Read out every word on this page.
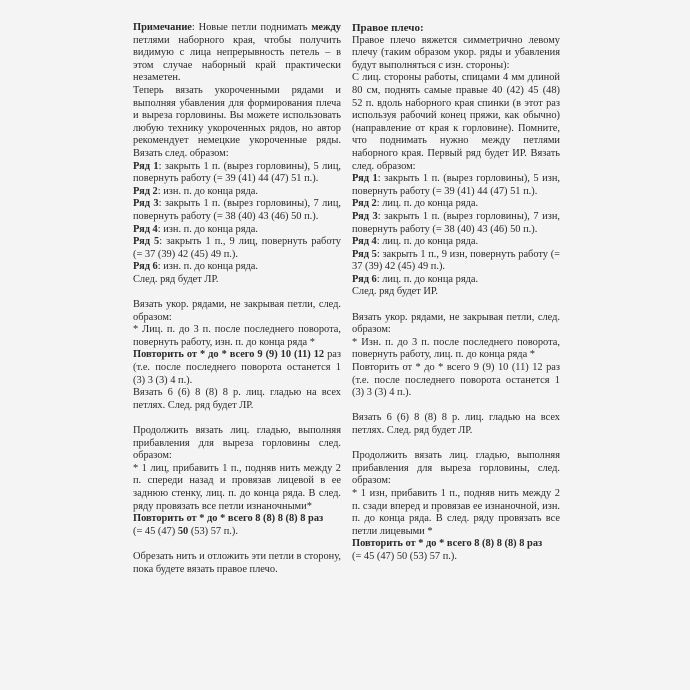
Примечание: Новые петли поднимать между петлями наборного края, чтобы получить видимую с лица непрерывность петель – в этом случае наборный край практически незаметен.

Теперь вязать укороченными рядами и выполняя убавления для формирования плеча и выреза горловины. Вы можете использовать любую технику укороченных рядов, но автор рекомендует немецкие укороченные ряды. Вязать след. образом:

Ряд 1: закрыть 1 п. (вырез горловины), 5 лиц, повернуть работу (= 39 (41) 44 (47) 51 п.).

Ряд 2: изн. п. до конца ряда.

Ряд 3: закрыть 1 п. (вырез горловины), 7 лиц, повернуть работу (= 38 (40) 43 (46) 50 п.).

Ряд 4: изн. п. до конца ряда.

Ряд 5: закрыть 1 п., 9 лиц, повернуть работу (= 37 (39) 42 (45) 49 п.).

Ряд 6: изн. п. до конца ряда.

След. ряд будет ЛР.

Вязать укор. рядами, не закрывая петли, след. образом:

* Лиц. п. до 3 п. после последнего поворота, повернуть работу, изн. п. до конца ряда *

Повторить от * до * всего 9 (9) 10 (11) 12 раз (т.е. после последнего поворота останется 1 (3) 3 (3) 4 п.).

Вязать 6 (6) 8 (8) 8 р. лиц. гладью на всех петлях. След. ряд будет ЛР.

Продолжить вязать лиц. гладью, выполняя прибавления для выреза горловины след. образом:

* 1 лиц, прибавить 1 п., подняв нить между 2 п. спереди назад и провязав лицевой в ее заднюю стенку, лиц. п. до конца ряда. В след. ряду провязать все петли изнаночными*

Повторить от * до * всего 8 (8) 8 (8) 8 раз

(= 45 (47) 50 (53) 57 п.).

Обрезать нить и отложить эти петли в сторону, пока будете вязать правое плечо.

Правое плечо:

Правое плечо вяжется симметрично левому плечу (таким образом укор. ряды и убавления будут выполняться с изн. стороны):

С лиц. стороны работы, спицами 4 мм длиной 80 см, поднять самые правые 40 (42) 45 (48) 52 п. вдоль наборного края спинки (в этот раз используя рабочий конец пряжи, как обычно) (направление от края к горловине). Помните, что поднимать нужно между петлями наборного края. Первый ряд будет ИР. Вязать след. образом:

Ряд 1: закрыть 1 п. (вырез горловины), 5 изн, повернуть работу (= 39 (41) 44 (47) 51 п.).

Ряд 2: лиц. п. до конца ряда.

Ряд 3: закрыть 1 п. (вырез горловины), 7 изн, повернуть работу (= 38 (40) 43 (46) 50 п.).

Ряд 4: лиц. п. до конца ряда.

Ряд 5: закрыть 1 п., 9 изн, повернуть работу (= 37 (39) 42 (45) 49 п.).

Ряд 6: лиц. п. до конца ряда.

След. ряд будет ИР.

Вязать укор. рядами, не закрывая петли, след. образом:

* Изн. п. до 3 п. после последнего поворота, повернуть работу, лиц. п. до конца ряда *

Повторить от * до * всего 9 (9) 10 (11) 12 раз (т.е. после последнего поворота останется 1 (3) 3 (3) 4 п.).

Вязать 6 (6) 8 (8) 8 р. лиц. гладью на всех петлях. След. ряд будет ЛР.

Продолжить вязать лиц. гладью, выполняя прибавления для выреза горловины, след. образом:

* 1 изн, прибавить 1 п., подняв нить между 2 п. сзади вперед и провязав ее изнаночной, изн. п. до конца ряда. В след. ряду провязать все петли лицевыми *

Повторить от * до * всего 8 (8) 8 (8) 8 раз

(= 45 (47) 50 (53) 57 п.).
